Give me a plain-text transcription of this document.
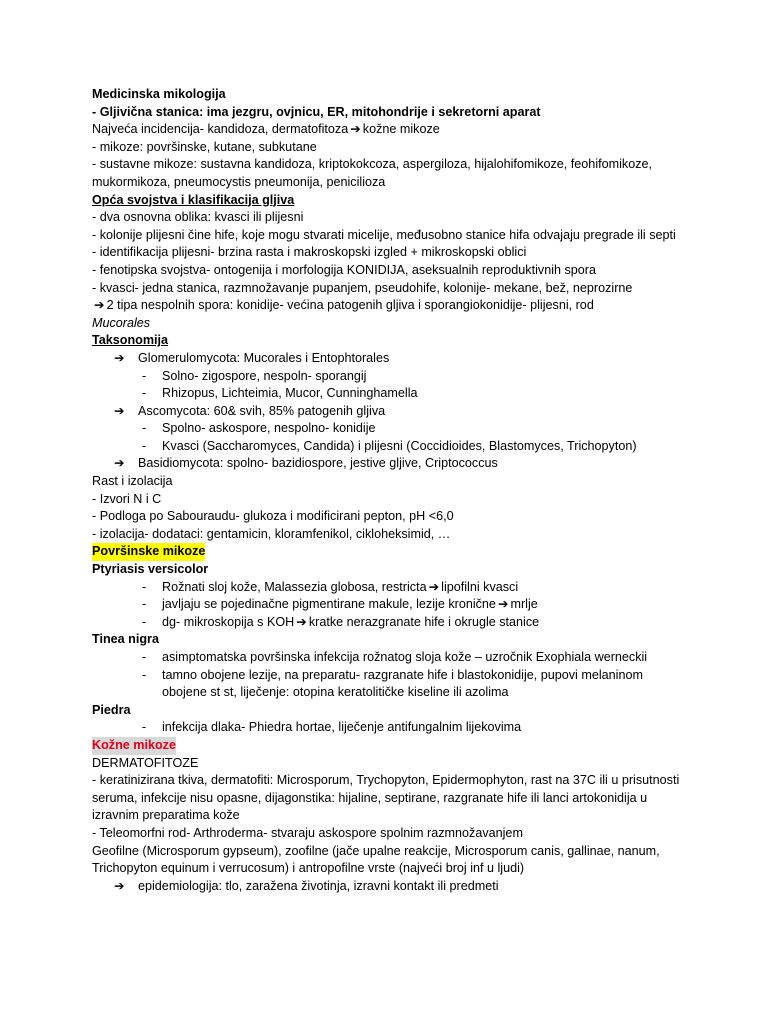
Medicinska mikologija
- Gljivična stanica: ima jezgru, ovjnicu, ER, mitohondrije i sekretorni aparat
Najveća incidencija- kandidoza, dermatofitoza ➔ kožne mikoze
- mikoze: površinske, kutane, subkutane
- sustavne mikoze: sustavna kandidoza, kriptokokcoza, aspergiloza, hijalohifomikoze, feohifomikoze, mukormikoza, pneumocystis pneumonija, penicilioza
Opća svojstva i klasifikacija gljiva
- dva osnovna oblika: kvasci ili plijesni
- kolonije plijesni čine hife, koje mogu stvarati micelije, međusobno stanice hifa odvajaju pregrade ili septi
- identifikacija plijesni- brzina rasta i makroskopski izgled + mikroskopski oblici
- fenotipska svojstva- ontogenija i morfologija KONIDIJA, aseksualnih reproduktivnih spora
- kvasci- jedna stanica, razmnožavanje pupanjem, pseudohife, kolonije- mekane, bež, neprozirne
➔ 2 tipa nespolnih spora: konidije- većina patogenih gljiva i sporangiokonidije- plijesni, rod
Mucorales
Taksonomija
➔	Glomerulomycota: Mucorales i Entophtorales
-	Solno- zigospore, nespoln- sporangij
-	Rhizopus, Lichteimia, Mucor, Cunninghamella
➔	Ascomycota: 60& svih, 85% patogenih gljiva
-	Spolno- askospore, nespolno- konidije
-	Kvasci (Saccharomyces, Candida) i plijesni (Coccidioides, Blastomyces, Trichopyton)
➔	Basidiomycota: spolno- bazidiospore, jestive gljive, Criptococcus
Rast i izolacija
- Izvori N i C
- Podloga po Sabouraudu- glukoza i modificirani pepton, pH <6,0
- izolacija- dodataci: gentamicin, kloramfenikol, cikloheksimid, …
Površinske mikoze
Ptyriasis versicolor
-	Rožnati sloj kože, Malassezia globosa, restricta ➔ lipofilni kvasci
-	javljaju se pojedinačne pigmentirane makule, lezije kronične ➔ mrlje
-	dg- mikroskopija s KOH ➔ kratke nerazgranate hife i okrugle stanice
Tinea nigra
-	asimptomatska površinska infekcija rožnatog sloja kože – uzročnik Exophiala werneckii
-	tamno obojene lezije, na preparatu- razgranate hife i blastokonidije, pupovi melaninom
obojene st st, liječenje: otopina keratolitičke kiseline ili azolima
Piedra
-	infekcija dlaka- Phiedra hortae, liječenje antifungalnim lijekovima
Kožne mikoze
DERMATOFITOZE
- keratinizirana tkiva, dermatofiti: Microsporum, Trychopyton, Epidermophyton, rast na 37C ili u prisutnosti seruma, infekcije nisu opasne, dijagonstika: hijaline, septirane, razgranate hife ili lanci artokonidija u izravnim preparatima kože
- Teleomorfni rod- Arthroderma- stvaraju askospore spolnim razmnožavanjem
Geofilne (Microsporum gypseum), zoofilne (jače upalne reakcije, Microsporum canis, gallinae, nanum, Trichopyton equinum i verrucosum) i antropofilne vrste (najveći broj inf u ljudi)
➔	epidemiologija: tlo, zaražena životinja, izravni kontakt ili predmeti
